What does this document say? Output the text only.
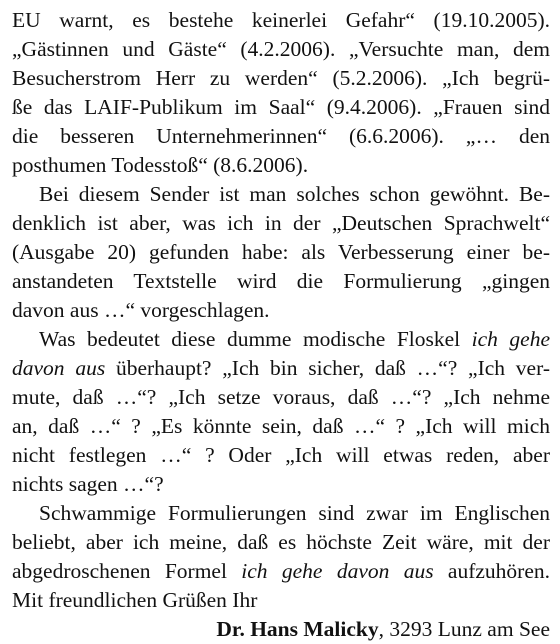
EU warnt, es bestehe keinerlei Gefahr“ (19.10.2005).
„Gästinnen und Gäste“ (4.2.2006). „Versuchte man, dem
Besucherstrom Herr zu werden“ (5.2.2006). „Ich begrü-
ße das LAIF-Publikum im Saal“ (9.4.2006). „Frauen sind
die besseren Unternehmerinnen“ (6.6.2006). „… den
posthumen Todesstoß“ (8.6.2006).
Bei diesem Sender ist man solches schon gewöhnt. Be-
denklich ist aber, was ich in der „Deutschen Sprachwelt“
(Ausgabe 20) gefunden habe: als Verbesserung einer be-
anstandeten Textstelle wird die Formulierung „gingen
davon aus …“ vorgeschlagen.
Was bedeutet diese dumme modische Floskel ich gehe
davon aus überhaupt? „Ich bin sicher, daß …“? „Ich ver-
mute, daß …“? „Ich setze voraus, daß …“? „Ich nehme
an, daß …“ ? „Es könnte sein, daß …“ ? „Ich will mich
nicht festlegen …“ ? Oder „Ich will etwas reden, aber
nichts sagen …“?
Schwammige Formulierungen sind zwar im Englischen
beliebt, aber ich meine, daß es höchste Zeit wäre, mit der
abgedroschenen Formel ich gehe davon aus aufzuhören.
Mit freundlichen Grüßen Ihr
Dr. Hans Malicky, 3293 Lunz am See
